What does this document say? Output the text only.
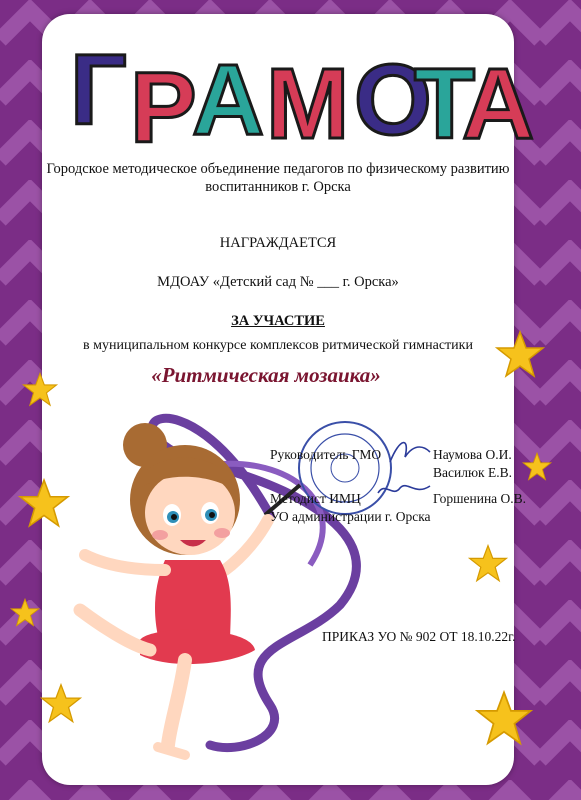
Г Р
А М О
Т
А
Городское методическое объединение педагогов по физическому развитию
воспитанников г. Орска
НАГРАЖДАЕТСЯ
МДОАУ «Детский сад № ___ г. Орска»
ЗА УЧАСТИЕ
в муниципальном конкурсе комплексов ритмической гимнастики
«Ритмическая мозаика»
Руководитель ГМО	Наумова О.И.
Василюк Е.В.
Методист ИМЦ	Горшенина О.В.
УО администрации г. Орска
ПРИКАЗ УО № 902 ОТ 18.10.22г.
